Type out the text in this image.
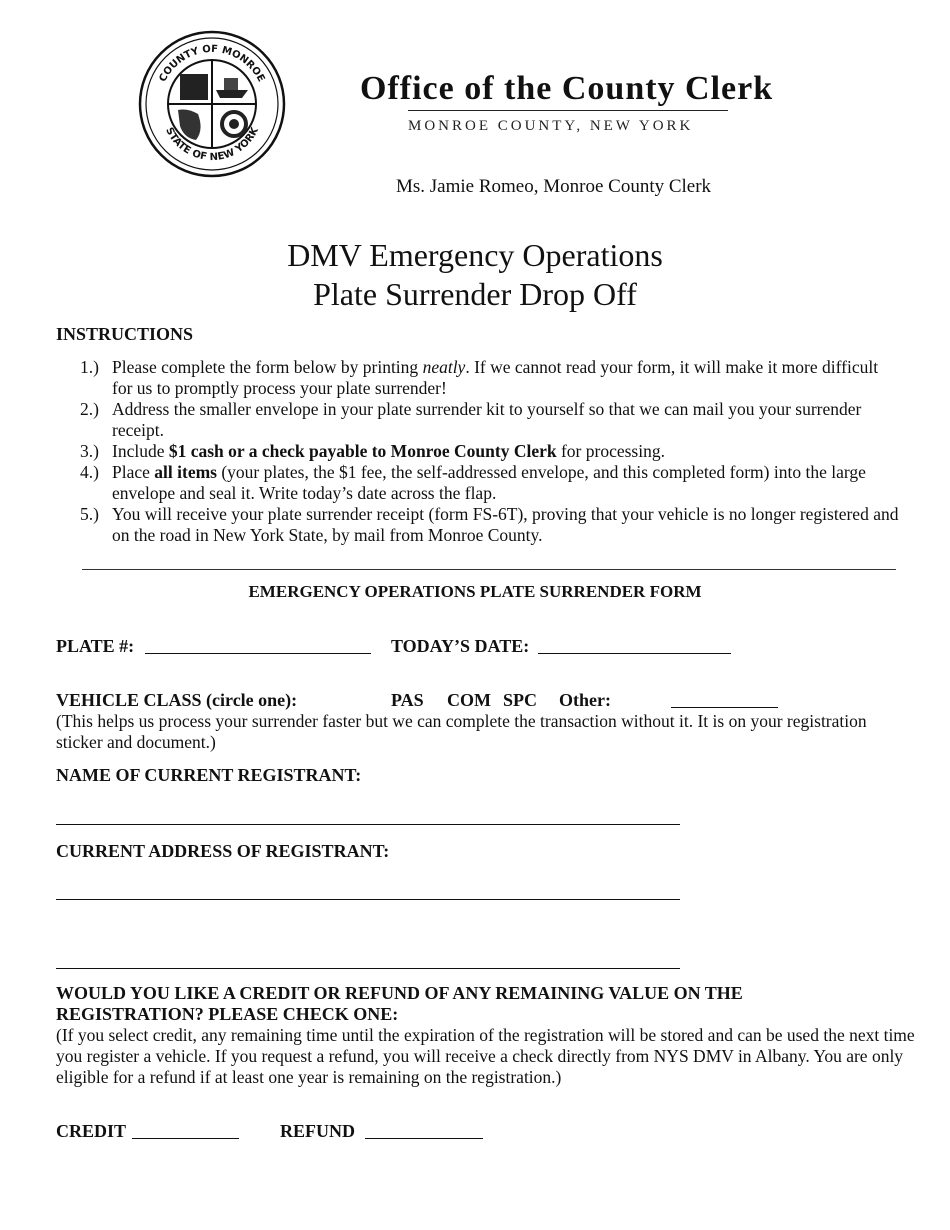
COUNTY OF MONROE
STATE OF NEW YORK
Office of the County Clerk
MONROE COUNTY, NEW YORK
Ms. Jamie Romeo, Monroe County Clerk
DMV Emergency Operations
Plate Surrender Drop Off
INSTRUCTIONS
1.) Please complete the form below by printing neatly. If we cannot read your form, it will make it more difficult for us to promptly process your plate surrender!
2.) Address the smaller envelope in your plate surrender kit to yourself so that we can mail you your surrender receipt.
3.) Include $1 cash or a check payable to Monroe County Clerk for processing.
4.) Place all items (your plates, the $1 fee, the self-addressed envelope, and this completed form) into the large envelope and seal it. Write today’s date across the flap.
5.) You will receive your plate surrender receipt (form FS-6T), proving that your vehicle is no longer registered and on the road in New York State, by mail from Monroe County.
EMERGENCY OPERATIONS PLATE SURRENDER FORM
PLATE #:	TODAY’S DATE:
VEHICLE CLASS (circle one):	PAS COM SPC Other:
(This helps us process your surrender faster but we can complete the transaction without it. It is on your registration sticker and document.)
NAME OF CURRENT REGISTRANT:
CURRENT ADDRESS OF REGISTRANT:
WOULD YOU LIKE A CREDIT OR REFUND OF ANY REMAINING VALUE ON THE REGISTRATION? PLEASE CHECK ONE:
(If you select credit, any remaining time until the expiration of the registration will be stored and can be used the next time you register a vehicle. If you request a refund, you will receive a check directly from NYS DMV in Albany. You are only eligible for a refund if at least one year is remaining on the registration.)
CREDIT	REFUND
